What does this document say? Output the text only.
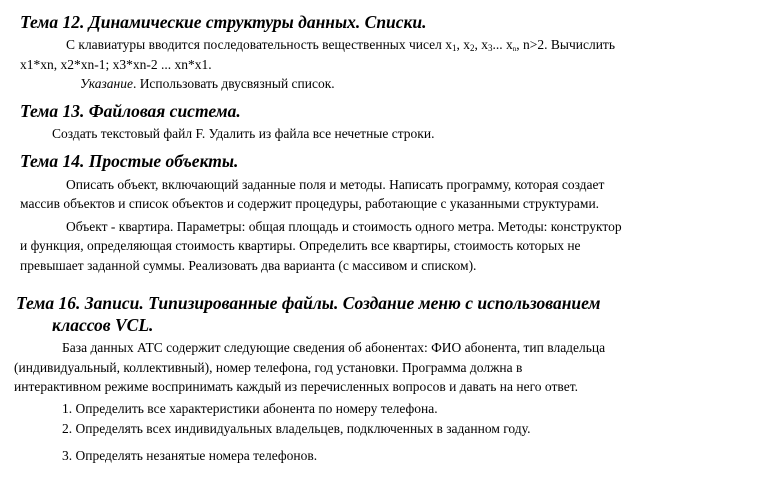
Тема 12. Динамические структуры данных. Списки.
С клавиатуры вводится последовательность вещественных чисел $x_1$, $x_2$, $x_3$... $x_n$, n>2. Вычислить
x1*xn, x2*xn-1; x3*xn-2 ... xn*x1.
Указание. Использовать двусвязный список.
Тема 13. Файловая система.
Создать текстовый файл F. Удалить из файла все нечетные строки.
Тема 14. Простые объекты.
Описать объект, включающий заданные поля и методы. Написать программу, которая создает
массив объектов и список объектов и содержит процедуры, работающие с указанными структурами.
Объект - квартира. Параметры: общая площадь и стоимость одного метра. Методы: конструктор
и функция, определяющая стоимость квартиры. Определить все квартиры, стоимость которых не
превышает заданной суммы. Реализовать два варианта (с массивом и списком).
Тема 16. Записи. Типизированные файлы. Создание меню с использованием
классов VCL.
База данных АТС содержит следующие сведения об абонентах: ФИО абонента, тип владельца
(индивидуальный, коллективный), номер телефона, год установки. Программа должна в
интерактивном режиме воспринимать каждый из перечисленных вопросов и давать на него ответ.
1. Определить все характеристики абонента по номеру телефона.
2. Определять всех индивидуальных владельцев, подключенных в заданном году.
3. Определять незанятые номера телефонов.
